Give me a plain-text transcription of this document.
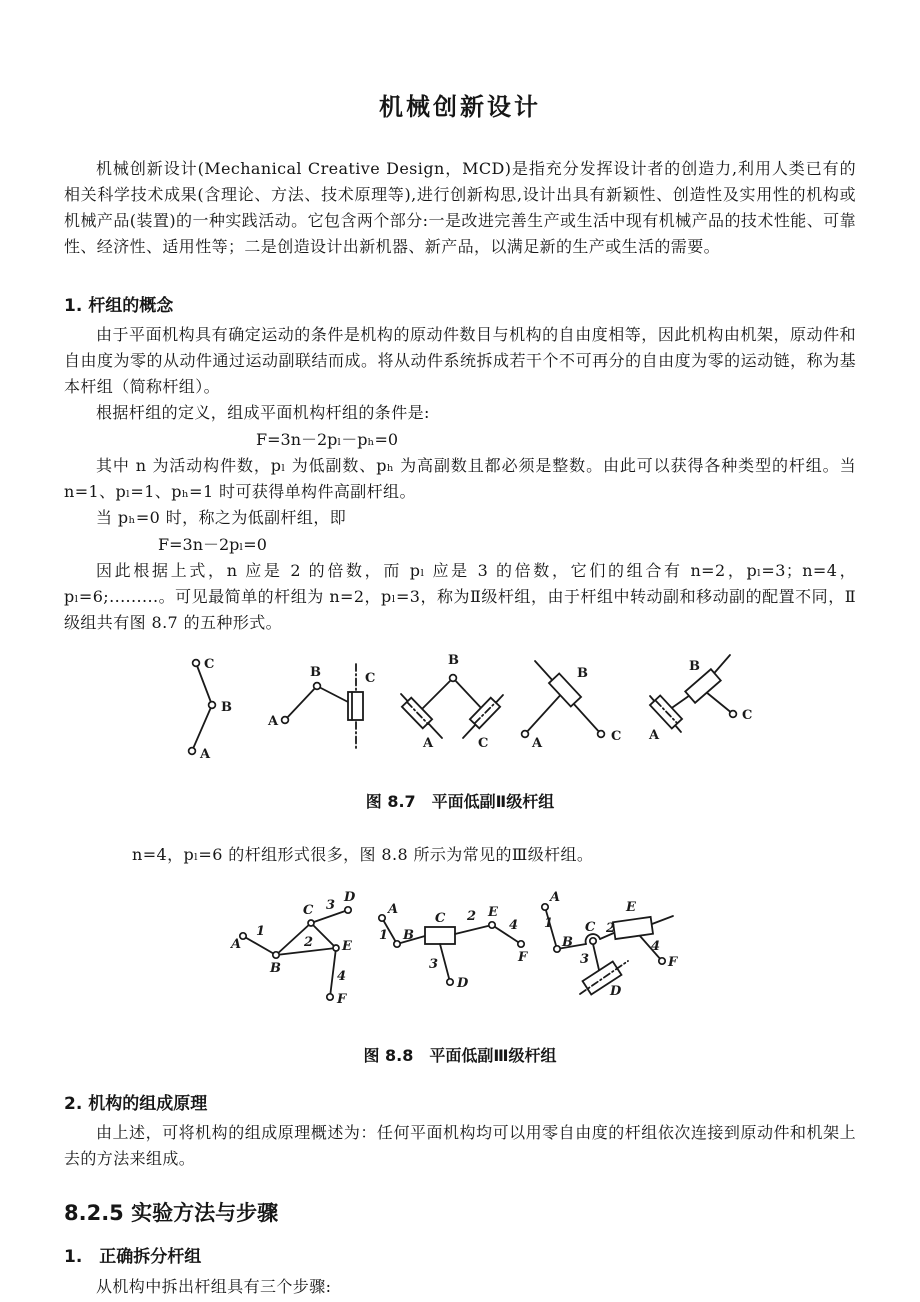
机械创新设计

机械创新设计(Mechanical Creative Design，MCD)是指充分发挥设计者的创造力,利用人类已有的相关科学技术成果(含理论、方法、技术原理等),进行创新构思,设计出具有新颖性、创造性及实用性的机构或机械产品(装置)的一种实践活动。它包含两个部分:一是改进完善生产或生活中现有机械产品的技术性能、可靠性、经济性、适用性等；二是创造设计出新机器、新产品，以满足新的生产或生活的需要。

1. 杆组的概念

由于平面机构具有确定运动的条件是机构的原动件数目与机构的自由度相等，因此机构由机架，原动件和自由度为零的从动件通过运动副联结而成。将从动件系统拆成若干个不可再分的自由度为零的运动链，称为基本杆组（简称杆组）。

根据杆组的定义，组成平面机构杆组的条件是:

F=3n－2pₗ－pₕ=0

其中 n 为活动构件数，pₗ 为低副数、pₕ 为高副数且都必须是整数。由此可以获得各种类型的杆组。当 n=1、pₗ=1、pₕ=1 时可获得单构件高副杆组。

当 pₕ=0 时，称之为低副杆组，即

F=3n－2pₗ=0

因此根据上式，n 应是 2 的倍数，而 pₗ 应是 3 的倍数，它们的组合有 n=2，pₗ=3；n=4，pₗ=6;.........。可见最简单的杆组为 n=2，pₗ=3，称为Ⅱ级杆组，由于杆组中转动副和移动副的配置不同，Ⅱ级组共有图 8.7 的五种形式。

C
B
A
B
A
C
B
A	C
B
A	C
B
A
C

图 8.7　平面低副Ⅱ级杆组

n=4，pₗ=6 的杆组形式很多，图 8.8 所示为常见的Ⅲ级杆组。

A
1
B
2
C 3
D
E
4
F
A
1 B
C 2 E
4
F
3
D
A
1
B
C 2
E
4
F
3
D

图 8.8　平面低副Ⅲ级杆组

2. 机构的组成原理

由上述，可将机构的组成原理概述为：任何平面机构均可以用零自由度的杆组依次连接到原动件和机架上去的方法来组成。

8.2.5 实验方法与步骤
1.　正确拆分杆组

从机构中拆出杆组具有三个步骤:
